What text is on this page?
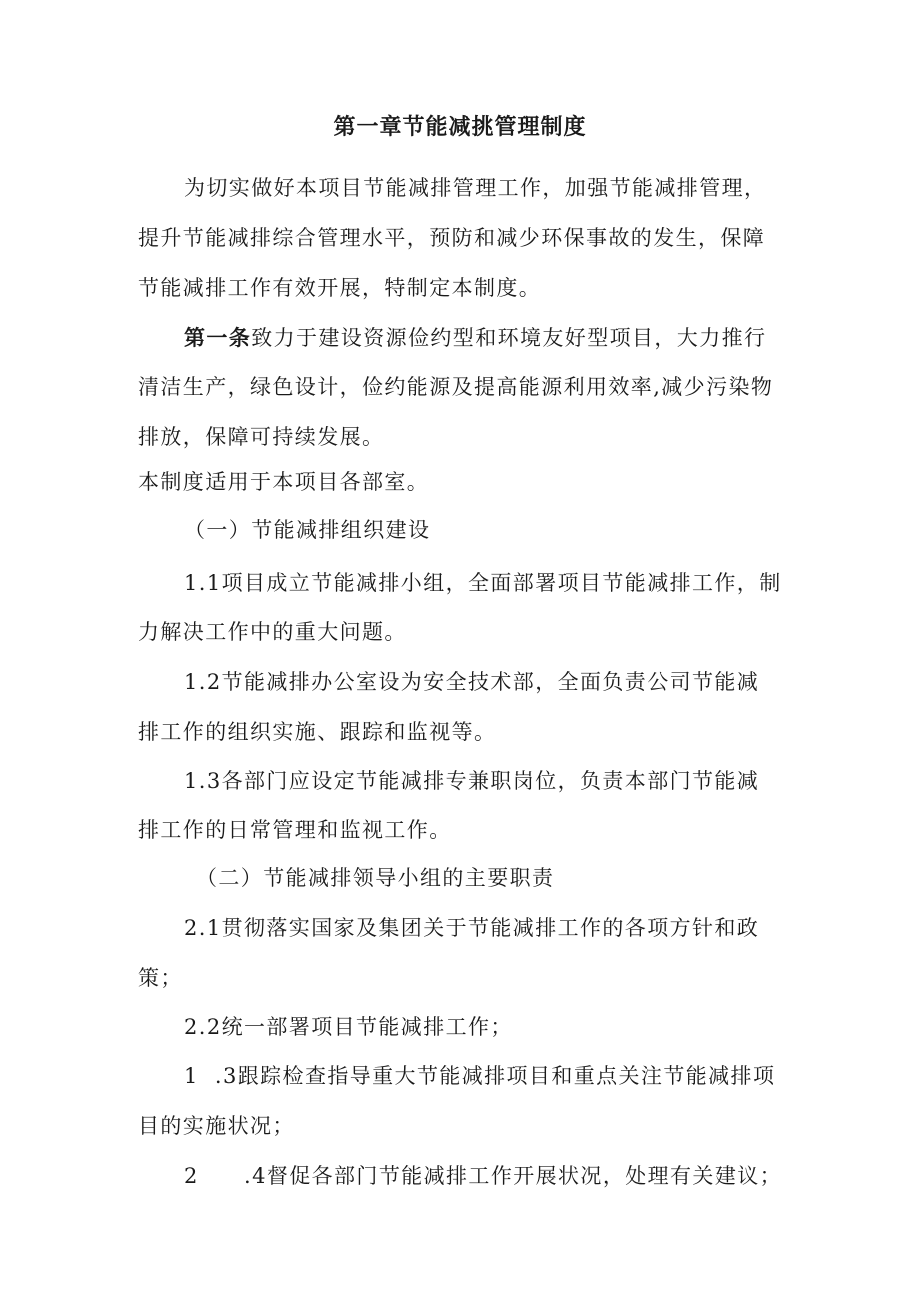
第一章节能减挑管理制度
为切实做好本项目节能减排管理工作，加强节能减排管理，
提升节能减排综合管理水平，预防和减少环保事故的发生，保障
节能减排工作有效开展，特制定本制度。
第一条致力于建设资源俭约型和环境友好型项目，大力推行
清洁生产，绿色设计，俭约能源及提高能源利用效率,减少污染物
排放，保障可持续发展。
本制度适用于本项目各部室。
（一）节能减排组织建设
1.1项目成立节能减排小组，全面部署项目节能减排工作，制
力解决工作中的重大问题。
1.2节能减排办公室设为安全技术部，全面负责公司节能减
排工作的组织实施、跟踪和监视等。
1.3各部门应设定节能减排专兼职岗位，负责本部门节能减
排工作的日常管理和监视工作。
（二）节能减排领导小组的主要职责
2.1贯彻落实国家及集团关于节能减排工作的各项方针和政
策；
2.2统一部署项目节能减排工作；
1  .3跟踪检查指导重大节能减排项目和重点关注节能减排项
目的实施状况；
2 .4督促各部门节能减排工作开展状况，处理有关建议；
